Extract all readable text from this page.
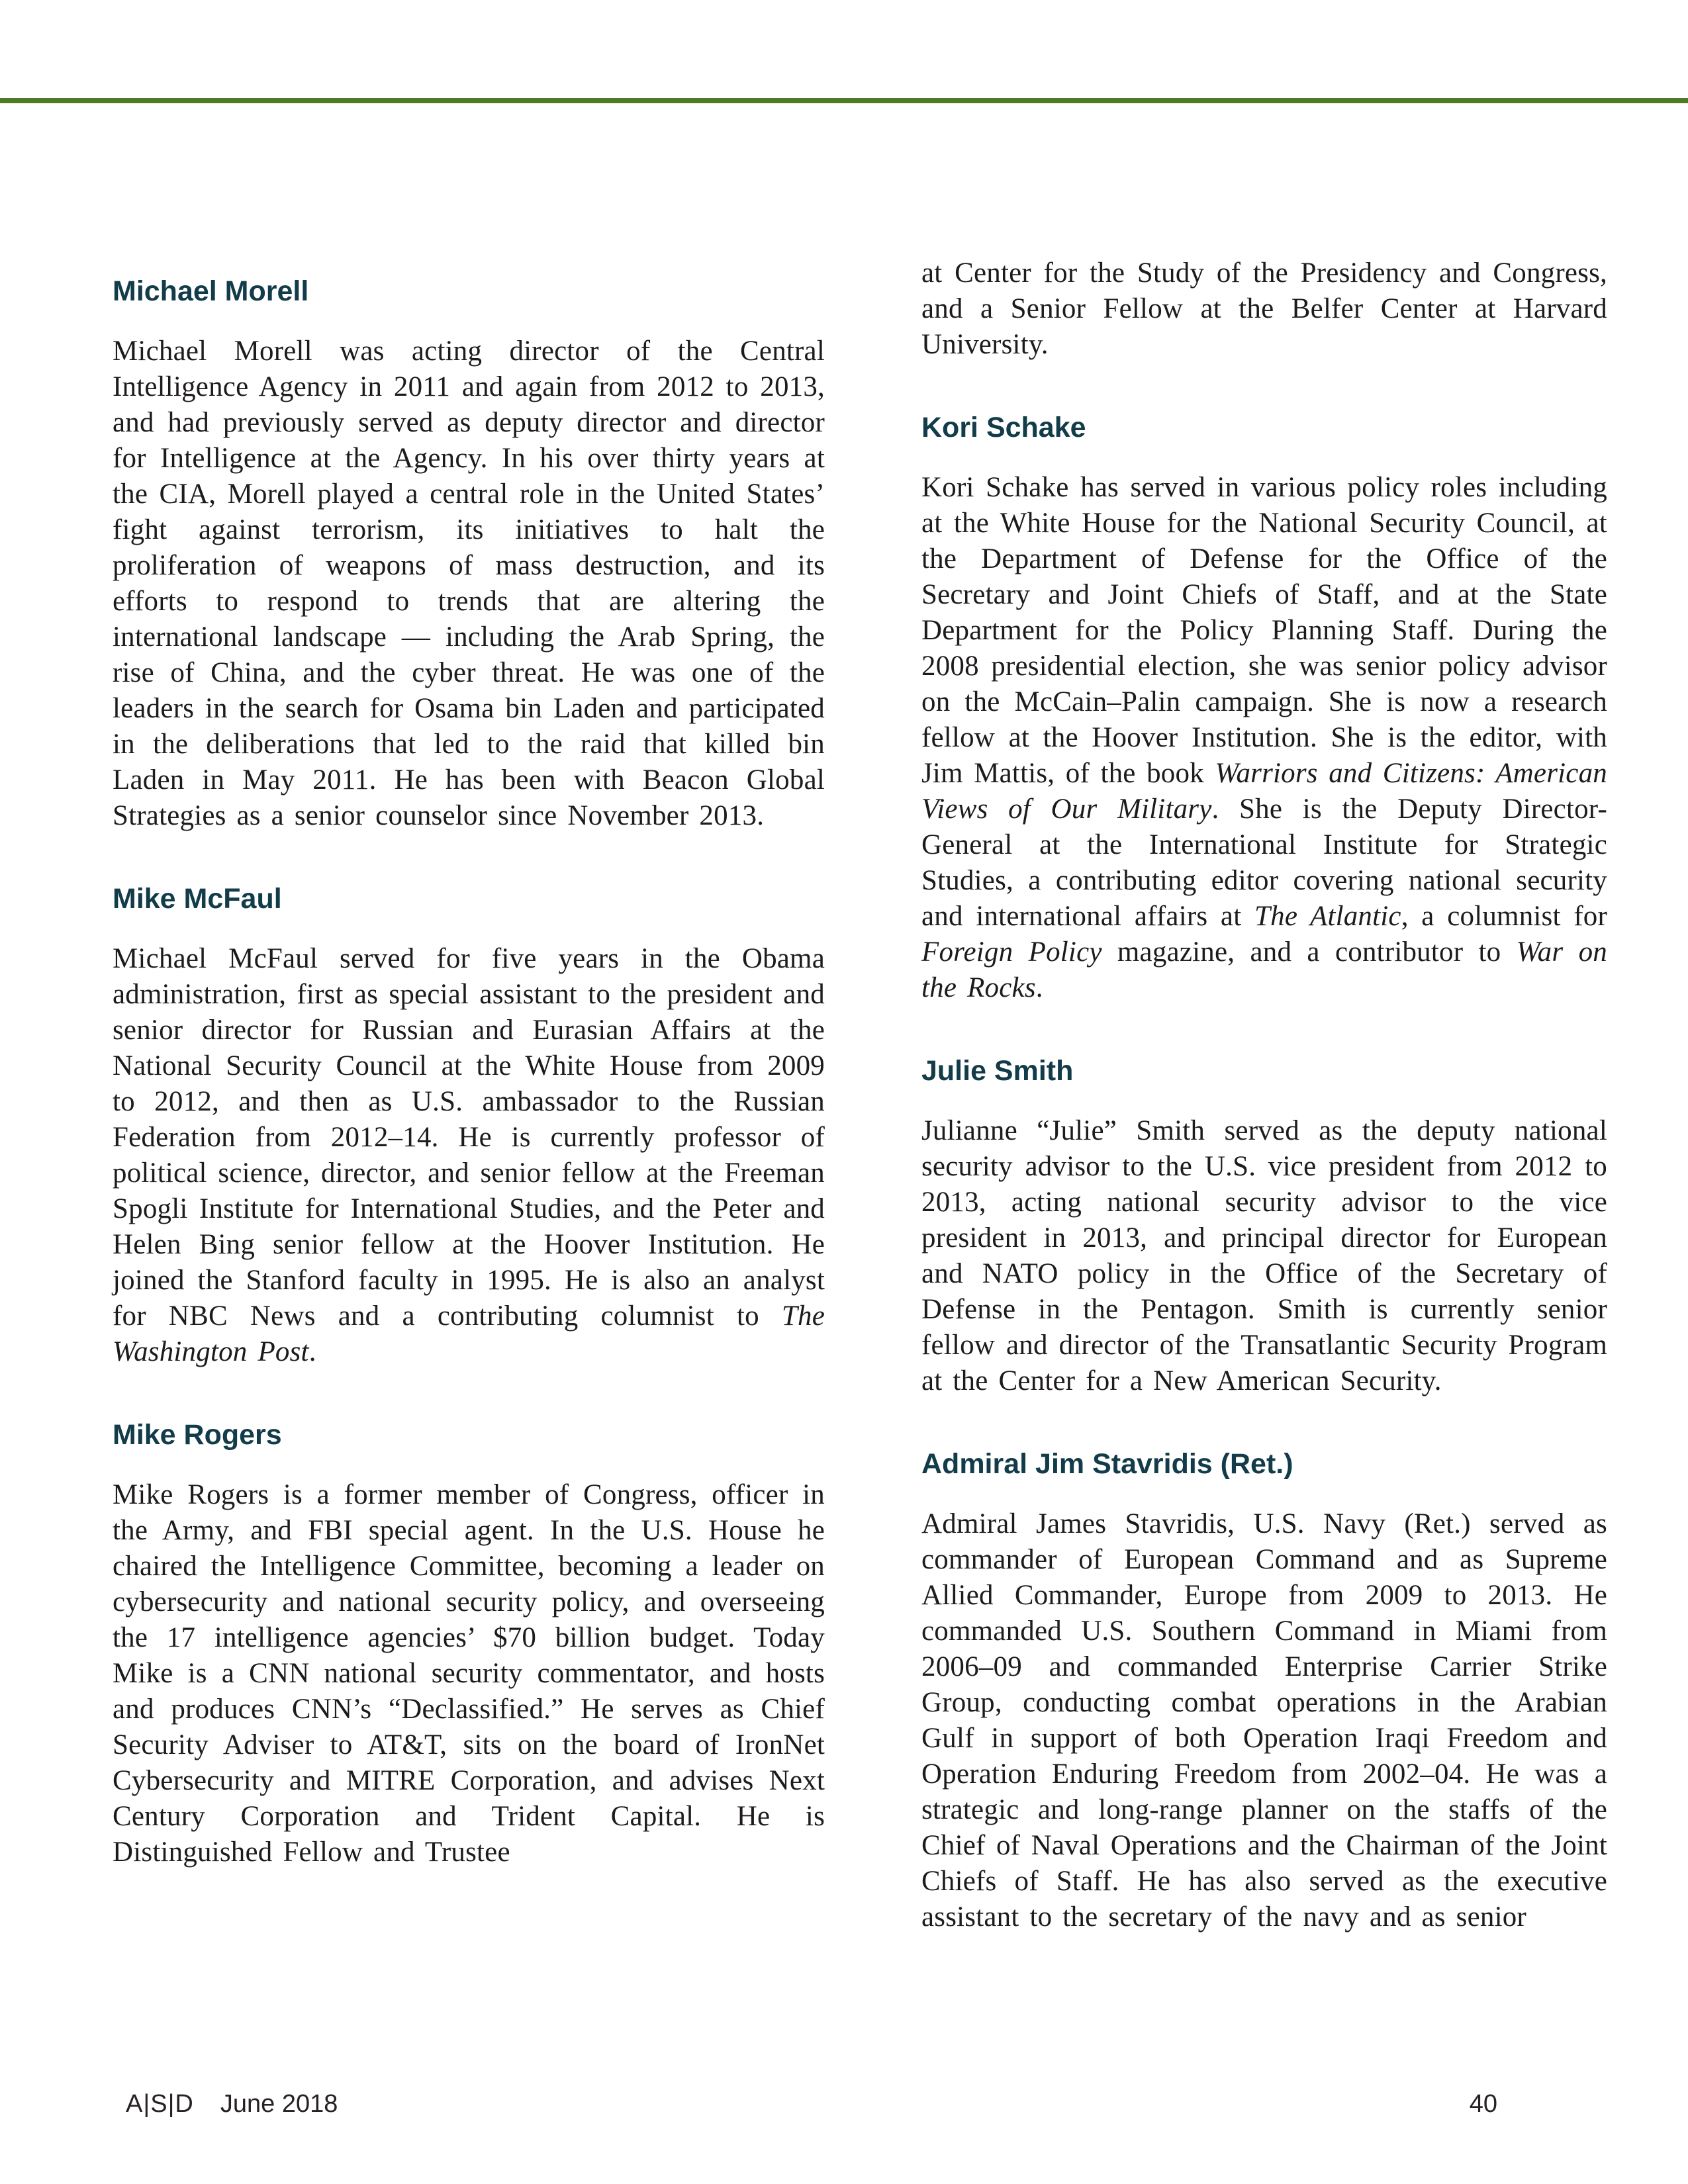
Michael Morell

Michael Morell was acting director of the Central Intelligence Agency in 2011 and again from 2012 to 2013, and had previously served as deputy director and director for Intelligence at the Agency. In his over thirty years at the CIA, Morell played a central role in the United States’ fight against terrorism, its initiatives to halt the proliferation of weapons of mass destruction, and its efforts to respond to trends that are altering the international landscape — including the Arab Spring, the rise of China, and the cyber threat. He was one of the leaders in the search for Osama bin Laden and participated in the deliberations that led to the raid that killed bin Laden in May 2011. He has been with Beacon Global Strategies as a senior counselor since November 2013.

Mike McFaul

Michael McFaul served for five years in the Obama administration, first as special assistant to the president and senior director for Russian and Eurasian Affairs at the National Security Council at the White House from 2009 to 2012, and then as U.S. ambassador to the Russian Federation from 2012–14. He is currently professor of political science, director, and senior fellow at the Freeman Spogli Institute for International Studies, and the Peter and Helen Bing senior fellow at the Hoover Institution. He joined the Stanford faculty in 1995. He is also an analyst for NBC News and a contributing columnist to The Washington Post.

Mike Rogers

Mike Rogers is a former member of Congress, officer in the Army, and FBI special agent. In the U.S. House he chaired the Intelligence Committee, becoming a leader on cybersecurity and national security policy, and overseeing the 17 intelligence agencies’ $70 billion budget. Today Mike is a CNN national security commentator, and hosts and produces CNN’s “Declassified.” He serves as Chief Security Adviser to AT&T, sits on the board of IronNet Cybersecurity and MITRE Corporation, and advises Next Century Corporation and Trident Capital. He is Distinguished Fellow and Trustee

at Center for the Study of the Presidency and Congress, and a Senior Fellow at the Belfer Center at Harvard University.

Kori Schake

Kori Schake has served in various policy roles including at the White House for the National Security Council, at the Department of Defense for the Office of the Secretary and Joint Chiefs of Staff, and at the State Department for the Policy Planning Staff. During the 2008 presidential election, she was senior policy advisor on the McCain–Palin campaign. She is now a research fellow at the Hoover Institution. She is the editor, with Jim Mattis, of the book Warriors and Citizens: American Views of Our Military. She is the Deputy Director-General at the International Institute for Strategic Studies, a contributing editor covering national security and international affairs at The Atlantic, a columnist for Foreign Policy magazine, and a contributor to War on the Rocks.

Julie Smith

Julianne “Julie” Smith served as the deputy national security advisor to the U.S. vice president from 2012 to 2013, acting national security advisor to the vice president in 2013, and principal director for European and NATO policy in the Office of the Secretary of Defense in the Pentagon. Smith is currently senior fellow and director of the Transatlantic Security Program at the Center for a New American Security.

Admiral Jim Stavridis (Ret.)

Admiral James Stavridis, U.S. Navy (Ret.) served as commander of European Command and as Supreme Allied Commander, Europe from 2009 to 2013. He commanded U.S. Southern Command in Miami from 2006–09 and commanded Enterprise Carrier Strike Group, conducting combat operations in the Arabian Gulf in support of both Operation Iraqi Freedom and Operation Enduring Freedom from 2002–04. He was a strategic and long-range planner on the staffs of the Chief of Naval Operations and the Chairman of the Joint Chiefs of Staff. He has also served as the executive assistant to the secretary of the navy and as senior

A|S|D June 2018	40
